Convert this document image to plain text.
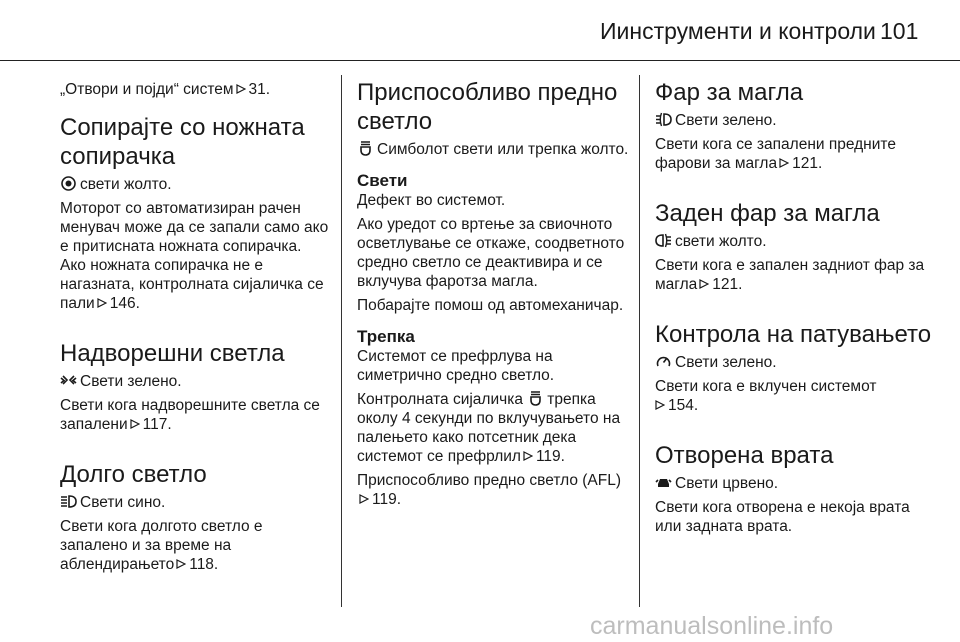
Иинструменти и контроли 101

„Отвори и појди“ систем 31.

Сопирајте со ножната сопирачка

свети жолто.

Моторот со автоматизиран рачен менувач може да се запали само ако е притисната ножната сопирачка. Ако ножната сопирачка не е нагазната, контролната сијаличка се пали 146.

Надворешни светла

Свети зелено.

Свети кога надворешните светла се запалени 117.

Долго светло

Свети сино.

Свети кога долгото светло е запалено и за време на аблендирањето 118.

Приспособливо предно светло

Симболот свети или трепка жолто.

Свети

Дефект во системот.

Ако уредот со вртење за свиочното осветлување се откаже, соодветното средно светло се деактивира и се вклучува фаротза магла.

Побарајте помош од автомеханичар.

Трепка

Системот се префрлува на симетрично средно светло.

Контролната сијаличка трепка околу 4 секунди по вклучувањето на палењето како потсетник дека системот се префрлил 119.

Приспособливо предно светло (AFL)119.

Фар за магла

Свети зелено.

Свети кога се запалени предните фарови за магла 121.

Заден фар за магла

свети жолто.

Свети кога е запален задниот фар за магла 121.

Контрола на патувањето

Свети зелено.

Свети кога е вклучен системот
154.

Отворена врата

Свети црвено.

Свети кога отворена е некоја врата или задната врата.

carmanualsonline.info
